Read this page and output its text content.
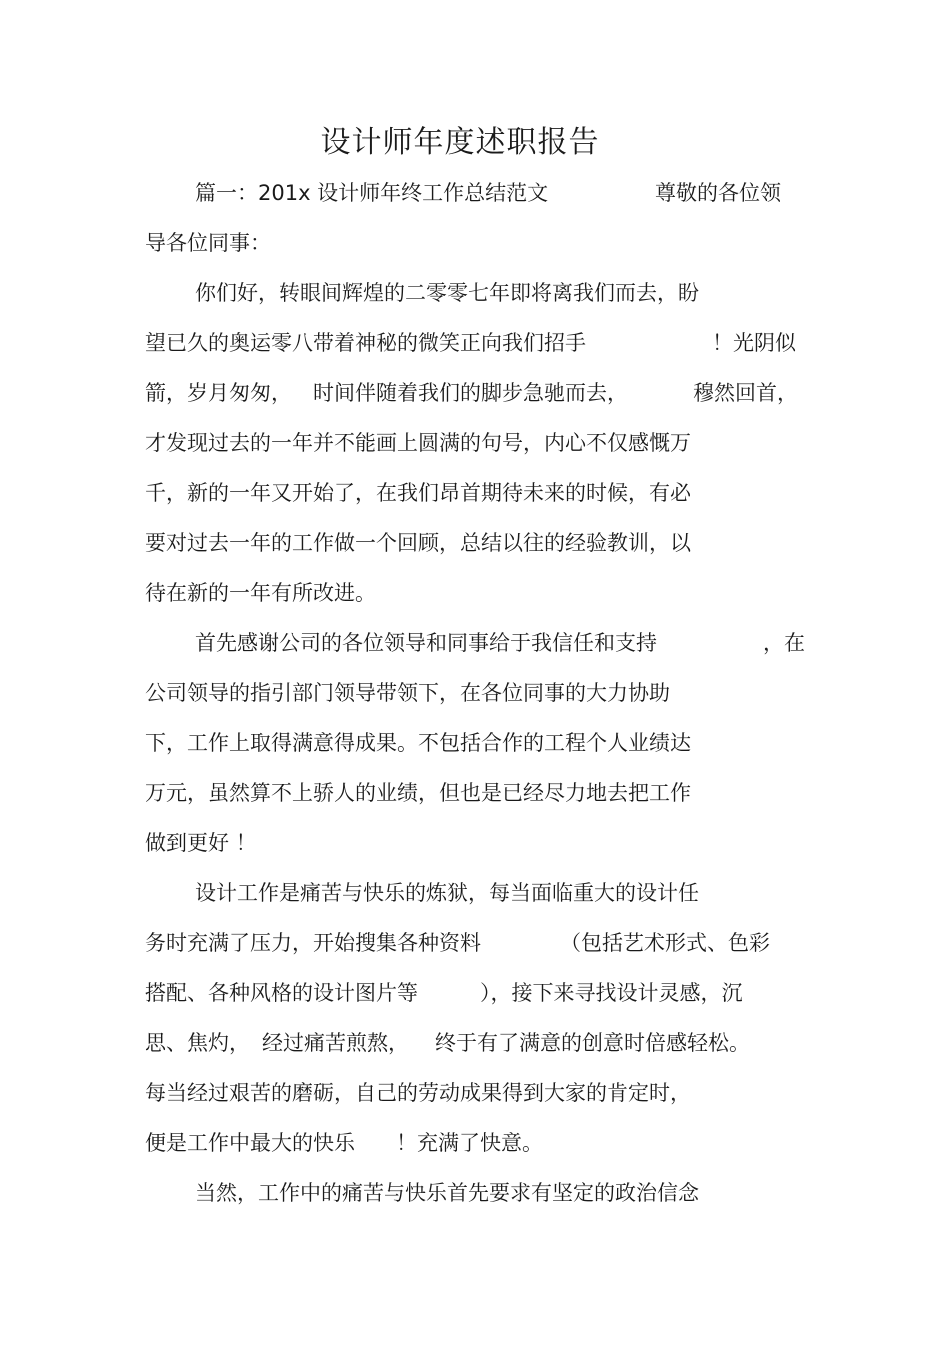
设计师年度述职报告
篇一：201x 设计师年终工作总结范文	尊敬的各位领
导各位同事：
你们好，转眼间辉煌的二零零七年即将离我们而去，盼
望已久的奥运零八带着神秘的微笑正向我们招手	！光阴似
箭，岁月匆匆， 时间伴随着我们的脚步急驰而去，	穆然回首，
才发现过去的一年并不能画上圆满的句号，内心不仅感慨万
千，新的一年又开始了，在我们昂首期待未来的时候，有必
要对过去一年的工作做一个回顾，总结以往的经验教训，以
待在新的一年有所改进。
首先感谢公司的各位领导和同事给于我信任和支持	，在
公司领导的指引部门领导带领下，在各位同事的大力协助
下，工作上取得满意得成果。不包括合作的工程个人业绩达
万元，虽然算不上骄人的业绩，但也是已经尽力地去把工作
做到更好 ！
设计工作是痛苦与快乐的炼狱，每当面临重大的设计任
务时充满了压力，开始搜集各种资料	（包括艺术形式、色彩
搭配、各种风格的设计图片等	），接下来寻找设计灵感，沉
思、焦灼， 经过痛苦煎熬， 终于有了满意的创意时倍感轻松。
每当经过艰苦的磨砺，自己的劳动成果得到大家的肯定时，
便是工作中最大的快乐 ！充满了快意。
当然，工作中的痛苦与快乐首先要求有坚定的政治信念
